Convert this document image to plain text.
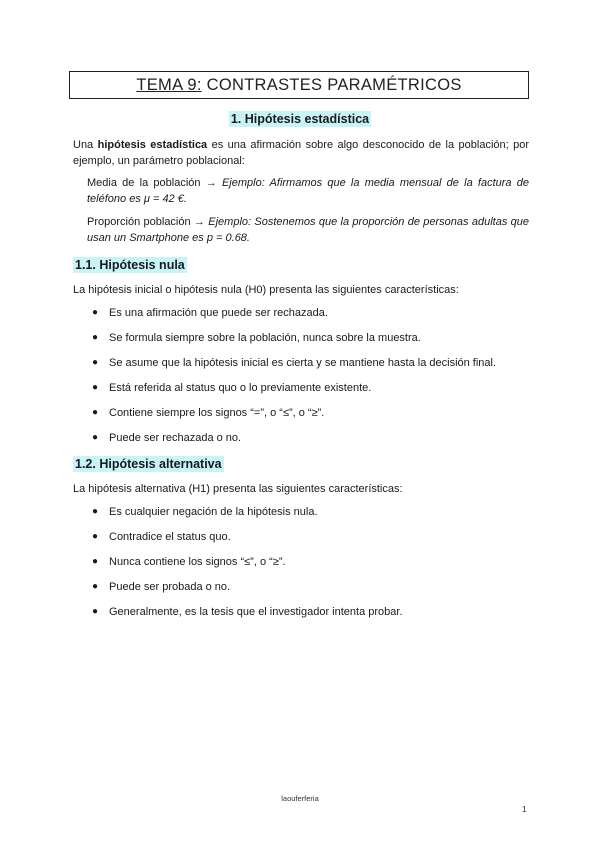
TEMA 9: CONTRASTES PARAMÉTRICOS
1. Hipótesis estadística
Una hipótesis estadística es una afirmación sobre algo desconocido de la población; por ejemplo, un parámetro poblacional:
Media de la población → Ejemplo: Afirmamos que la media mensual de la factura de teléfono es μ = 42 €.
Proporción población → Ejemplo: Sostenemos que la proporción de personas adultas que usan un Smartphone es p = 0.68.
1.1. Hipótesis nula
La hipótesis inicial o hipótesis nula (H0) presenta las siguientes características:
● Es una afirmación que puede ser rechazada.
● Se formula siempre sobre la población, nunca sobre la muestra.
● Se asume que la hipótesis inicial es cierta y se mantiene hasta la decisión final.
● Está referida al status quo o lo previamente existente.
● Contiene siempre los signos “=”, o “≤”, o “≥”.
● Puede ser rechazada o no.
1.2. Hipótesis alternativa
La hipótesis alternativa (H1) presenta las siguientes características:
● Es cualquier negación de la hipótesis nula.
● Contradice el status quo.
● Nunca contiene los signos “≤”, o “≥”.
● Puede ser probada o no.
● Generalmente, es la tesis que el investigador intenta probar.
laouferferia
1
